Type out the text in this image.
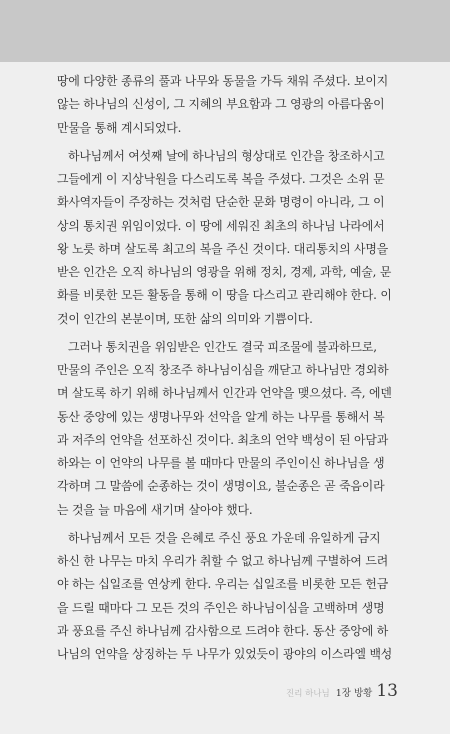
땅에 다양한 종류의 풀과 나무와 동물을 가득 채워 주셨다. 보이지
않는 하나님의 신성이, 그 지혜의 부요함과 그 영광의 아름다움이
만물을 통해 계시되었다.
하나님께서 여섯째 날에 하나님의 형상대로 인간을 창조하시고
그들에게 이 지상낙원을 다스리도록 복을 주셨다. 그것은 소위 문
화사역자들이 주장하는 것처럼 단순한 문화 명령이 아니라, 그 이
상의 통치권 위임이었다. 이 땅에 세워진 최초의 하나님 나라에서
왕 노릇 하며 살도록 최고의 복을 주신 것이다. 대리통치의 사명을
받은 인간은 오직 하나님의 영광을 위해 정치, 경제, 과학, 예술, 문
화를 비롯한 모든 활동을 통해 이 땅을 다스리고 관리해야 한다. 이
것이 인간의 본분이며, 또한 삶의 의미와 기쁨이다.
그러나 통치권을 위임받은 인간도 결국 피조물에 불과하므로,
만물의 주인은 오직 창조주 하나님이심을 깨닫고 하나님만 경외하
며 살도록 하기 위해 하나님께서 인간과 언약을 맺으셨다. 즉, 에덴
동산 중앙에 있는 생명나무와 선악을 알게 하는 나무를 통해서 복
과 저주의 언약을 선포하신 것이다. 최초의 언약 백성이 된 아담과
하와는 이 언약의 나무를 볼 때마다 만물의 주인이신 하나님을 생
각하며 그 말씀에 순종하는 것이 생명이요, 불순종은 곧 죽음이라
는 것을 늘 마음에 새기며 살아야 했다.
하나님께서 모든 것을 은혜로 주신 풍요 가운데 유일하게 금지
하신 한 나무는 마치 우리가 취할 수 없고 하나님께 구별하여 드려
야 하는 십일조를 연상케 한다. 우리는 십일조를 비롯한 모든 헌금
을 드릴 때마다 그 모든 것의 주인은 하나님이심을 고백하며 생명
과 풍요를 주신 하나님께 감사함으로 드려야 한다. 동산 중앙에 하
나님의 언약을 상징하는 두 나무가 있었듯이 광야의 이스라엘 백성
진리 하나님 1장 방황 13
